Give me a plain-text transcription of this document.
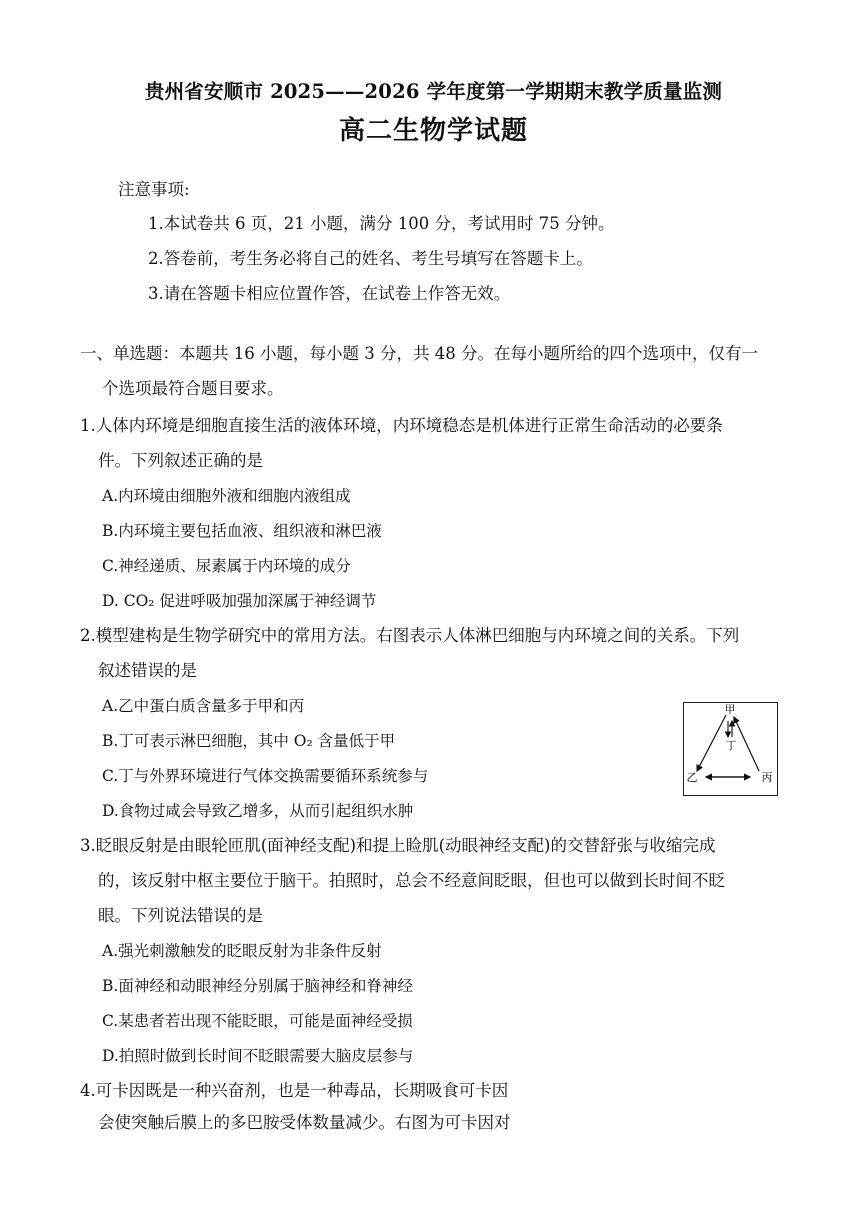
贵州省安顺市 2025——2026 学年度第一学期期末教学质量监测
高二生物学试题
注意事项:
1.本试卷共 6 页，21 小题，满分 100 分，考试用时 75 分钟。
2.答卷前，考生务必将自己的姓名、考生号填写在答题卡上。
3.请在答题卡相应位置作答，在试卷上作答无效。
一、单选题：本题共 16 小题，每小题 3 分，共 48 分。在每小题所给的四个选项中，仅有一
个选项最符合题目要求。
1.人体内环境是细胞直接生活的液体环境，内环境稳态是机体进行正常生命活动的必要条
件。下列叙述正确的是
A.内环境由细胞外液和细胞内液组成
B.内环境主要包括血液、组织液和淋巴液
C.神经递质、尿素属于内环境的成分
D. CO₂ 促进呼吸加强加深属于神经调节
2.模型建构是生物学研究中的常用方法。右图表示人体淋巴细胞与内环境之间的关系。下列
叙述错误的是
A.乙中蛋白质含量多于甲和丙
B.丁可表示淋巴细胞，其中 O₂ 含量低于甲
C.丁与外界环境进行气体交换需要循环系统参与
D.食物过咸会导致乙增多，从而引起组织水肿
甲
丁
乙	丙
3.眨眼反射是由眼轮匝肌(面神经支配)和提上睑肌(动眼神经支配)的交替舒张与收缩完成
的，该反射中枢主要位于脑干。拍照时，总会不经意间眨眼，但也可以做到长时间不眨
眼。下列说法错误的是
A.强光刺激触发的眨眼反射为非条件反射
B.面神经和动眼神经分别属于脑神经和脊神经
C.某患者若出现不能眨眼，可能是面神经受损
D.拍照时做到长时间不眨眼需要大脑皮层参与
4.可卡因既是一种兴奋剂，也是一种毒品，长期吸食可卡因
会使突触后膜上的多巴胺受体数量减少。右图为可卡因对
